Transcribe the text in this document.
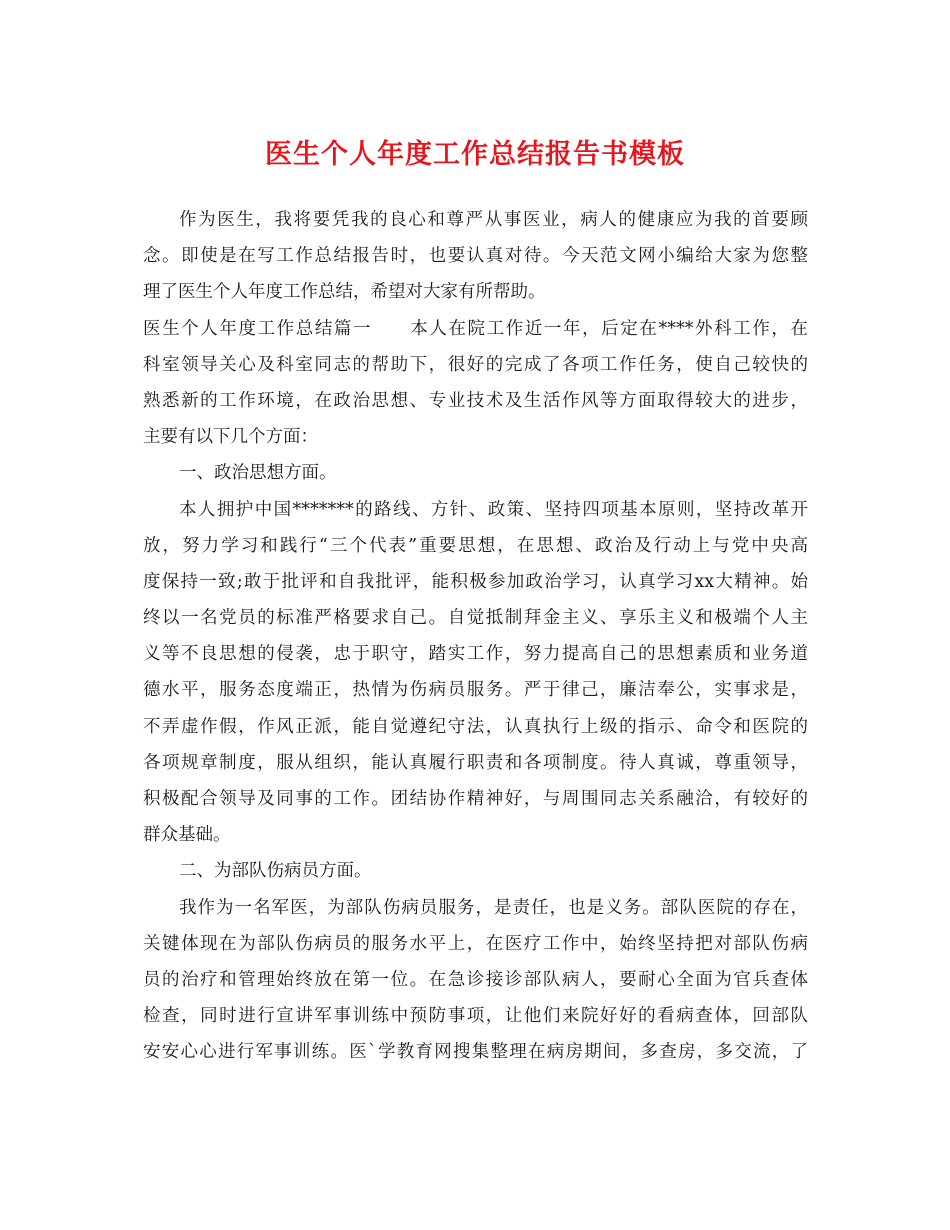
医生个人年度工作总结报告书模板
作为医生，我将要凭我的良心和尊严从事医业，病人的健康应为我的首要顾
念。即使是在写工作总结报告时，也要认真对待。今天范文网小编给大家为您整
理了医生个人年度工作总结，希望对大家有所帮助。
医生个人年度工作总结篇一　　本人在院工作近一年，后定在****外科工作，在
科室领导关心及科室同志的帮助下，很好的完成了各项工作任务，使自己较快的
熟悉新的工作环境，在政治思想、专业技术及生活作风等方面取得较大的进步，
主要有以下几个方面：
一、政治思想方面。
本人拥护中国*******的路线、方针、政策、坚持四项基本原则，坚持改革开
放，努力学习和践行“三个代表”重要思想，在思想、政治及行动上与党中央高
度保持一致;敢于批评和自我批评，能积极参加政治学习，认真学习xx大精神。始
终以一名党员的标准严格要求自己。自觉抵制拜金主义、享乐主义和极端个人主
义等不良思想的侵袭，忠于职守，踏实工作，努力提高自己的思想素质和业务道
德水平，服务态度端正，热情为伤病员服务。严于律己，廉洁奉公，实事求是，
不弄虚作假，作风正派，能自觉遵纪守法，认真执行上级的指示、命令和医院的
各项规章制度，服从组织，能认真履行职责和各项制度。待人真诚，尊重领导，
积极配合领导及同事的工作。团结协作精神好，与周围同志关系融洽，有较好的
群众基础。
二、为部队伤病员方面。
我作为一名军医，为部队伤病员服务，是责任，也是义务。部队医院的存在，
关键体现在为部队伤病员的服务水平上，在医疗工作中，始终坚持把对部队伤病
员的治疗和管理始终放在第一位。在急诊接诊部队病人，要耐心全面为官兵查体
检查，同时进行宣讲军事训练中预防事项，让他们来院好好的看病查体，回部队
安安心心进行军事训练。医`学教育网搜集整理在病房期间，多查房，多交流，了
